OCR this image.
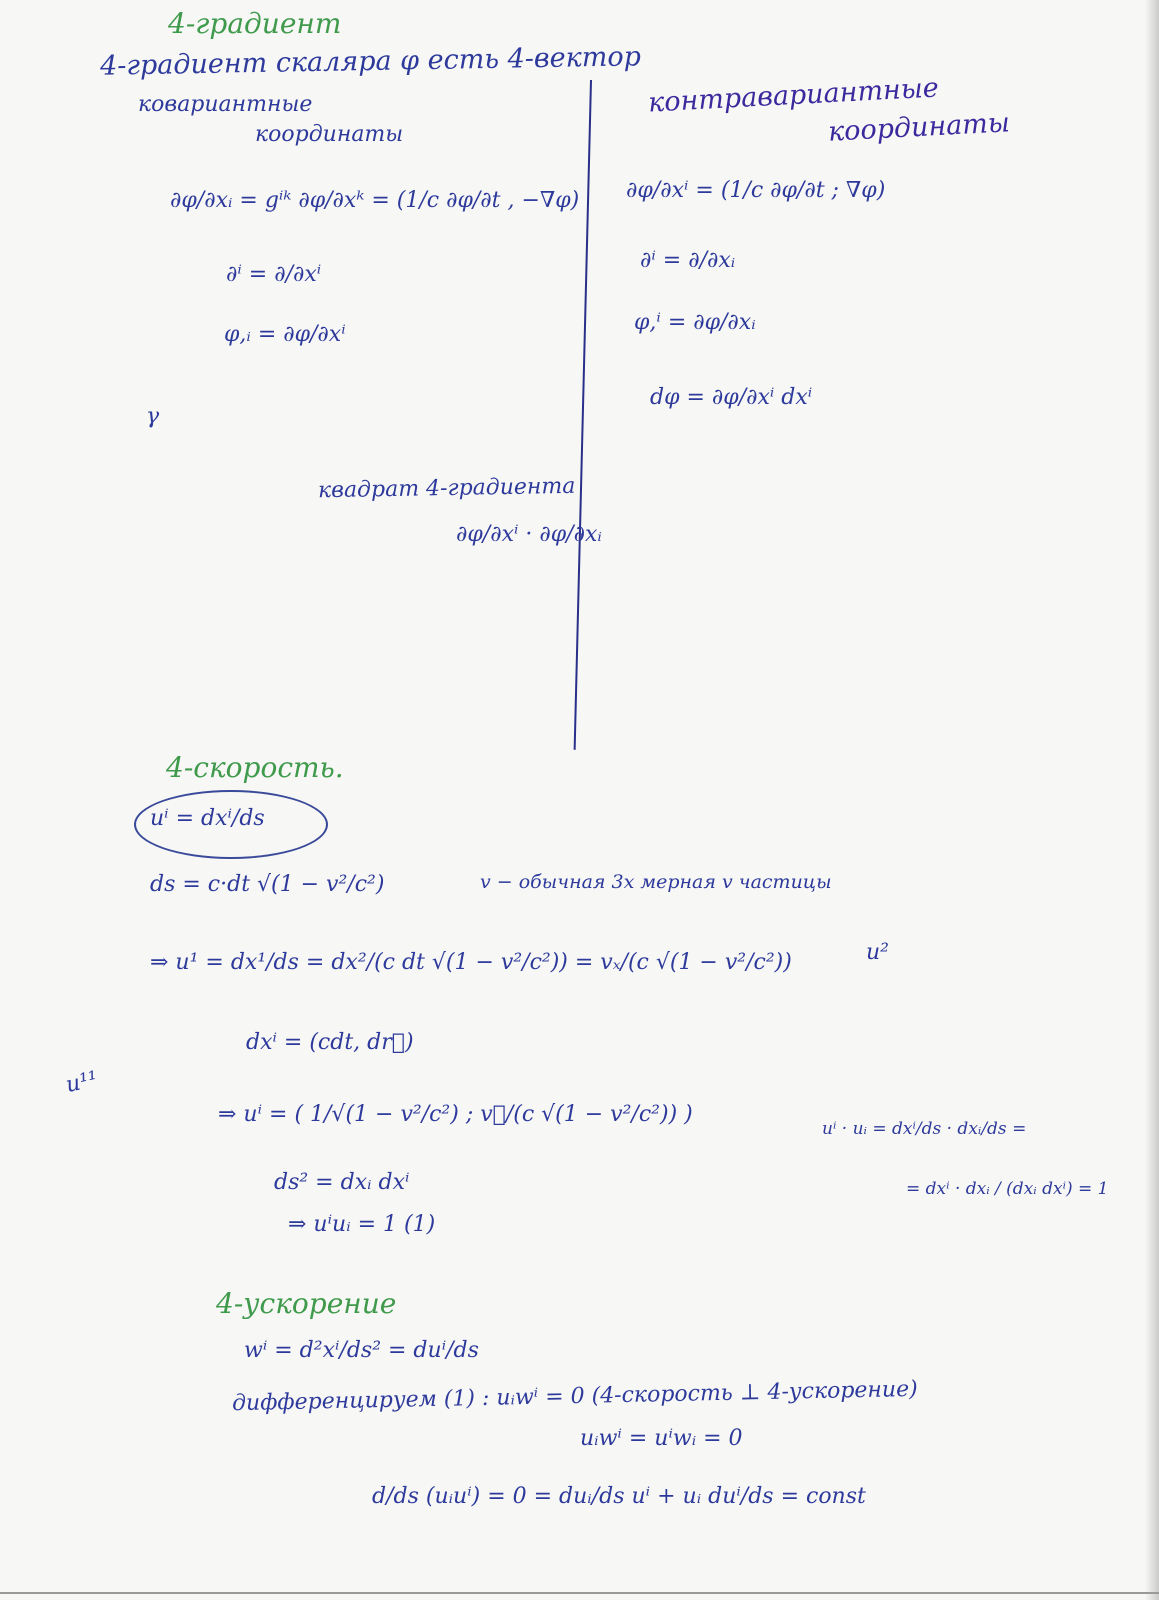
4-градиент
4-градиент скаляра φ есть 4-вектор
ковариантные
координаты
∂φ/∂xᵢ = gⁱᵏ ∂φ/∂xᵏ = (1/c ∂φ/∂t , −∇φ)
∂ⁱ = ∂/∂xⁱ
φ,ᵢ = ∂φ/∂xⁱ
γ
контравариантные
координаты
∂φ/∂xⁱ = (1/c ∂φ/∂t ; ∇φ)
∂ⁱ = ∂/∂xᵢ
φ,ⁱ = ∂φ/∂xᵢ
dφ = ∂φ/∂xⁱ dxⁱ
квадрат 4-градиента
∂φ/∂xⁱ · ∂φ/∂xᵢ
4-скорость.
uⁱ = dxⁱ/ds
ds = c·dt √(1 − v²/c²)	v − обычная 3х мерная v частицы
⇒ u¹ = dx¹/ds = dx²/(c dt √(1 − v²/c²)) = vₓ/(c √(1 − v²/c²))	u²
u¹¹
dxⁱ = (cdt, dr⃗)
⇒ uⁱ = ( 1/√(1 − v²/c²) ; v⃗/(c √(1 − v²/c²)) )
ds² = dxᵢ dxⁱ
⇒ uⁱuᵢ = 1 (1)
uⁱ · uᵢ = dxⁱ/ds · dxᵢ/ds =
= dxⁱ · dxᵢ / (dxᵢ dxⁱ) = 1
4-ускорение
wⁱ = d²xⁱ/ds² = duⁱ/ds
дифференцируем (1) : uᵢwⁱ = 0 (4-скорость ⊥ 4-ускорение)
uᵢwⁱ = uⁱwᵢ = 0
d/ds (uᵢuⁱ) = 0 = duᵢ/ds uⁱ + uᵢ duⁱ/ds = const
